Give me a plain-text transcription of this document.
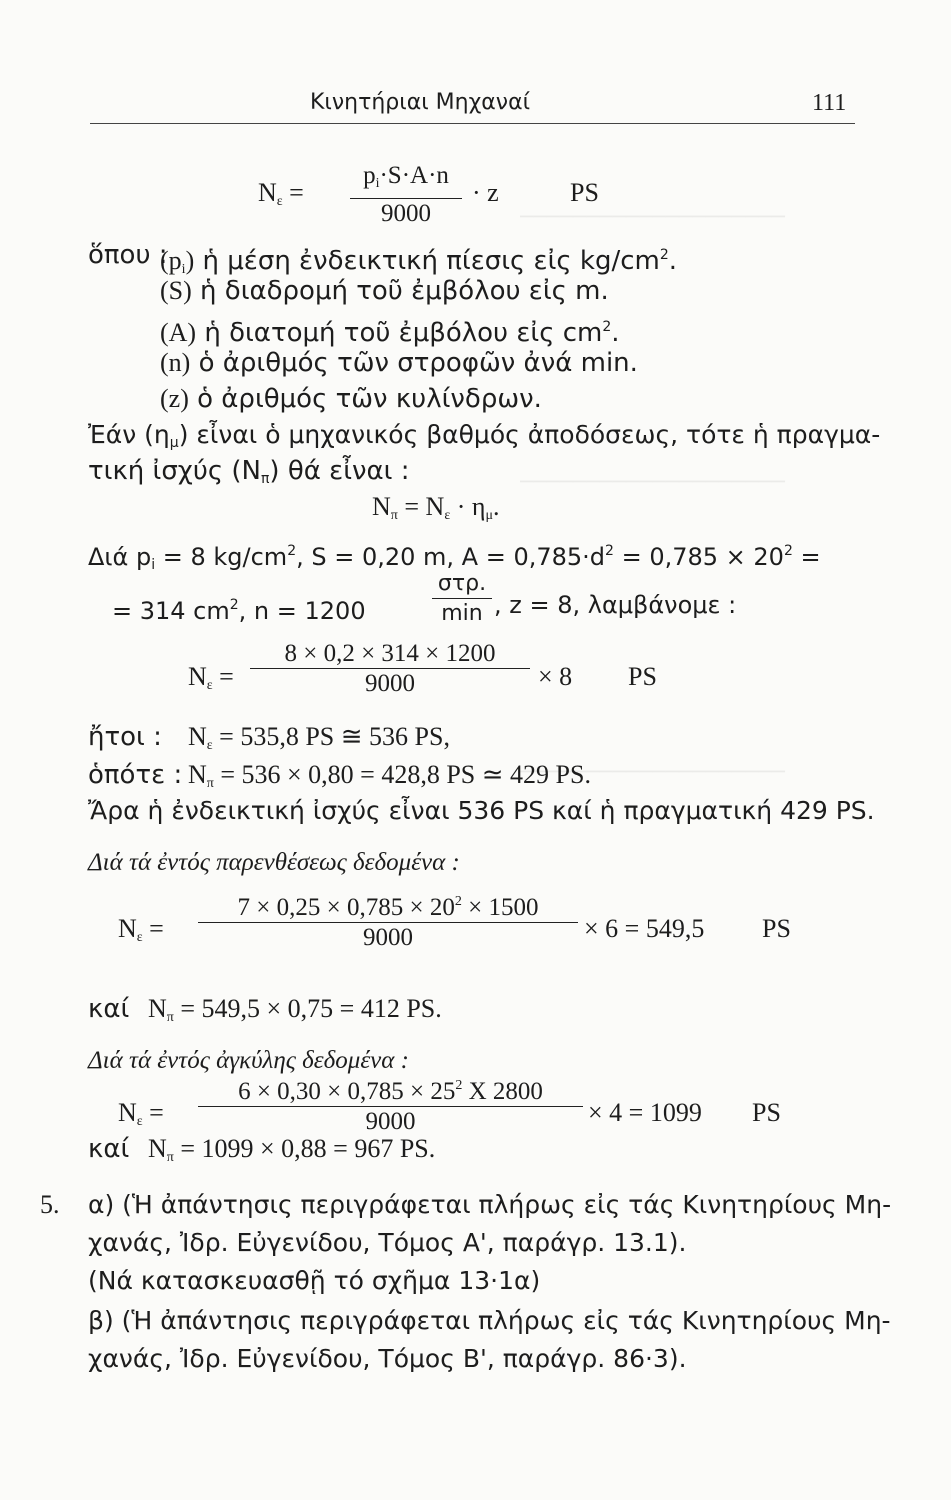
────────────────────
────────────────────
────────────────────
Κινητήριαι Μηχαναί	111
$N_\varepsilon$ =
$p_i\cdot S\cdot A\cdot n$
9000
· z	PS
ὅπου :
$(p_i)$ ἡ μέση ἐνδεικτική πίεσις εἰς $kg/cm^2$.
(S) ἡ διαδρομή τοῦ ἐμβόλου εἰς m.
(A) ἡ διατομή τοῦ ἐμβόλου εἰς $cm^2$.
(n) ὁ ἀριθμός τῶν στροφῶν ἀνά min.
(z) ὁ ἀριθμός τῶν κυλίνδρων.
Ἐάν $(\eta_\mu)$ εἶναι ὁ μηχανικός βαθμός ἀποδόσεως, τότε ἡ πραγμα-
τική ἰσχύς $(N_\pi)$ θά εἶναι :
$N_\pi = N_\varepsilon \cdot \eta_\mu$.
Διά $p_i = 8$ $kg/cm^2$, S = 0,20 m, $A = 0,785\cdot d^2 = 0,785 \times 20^2$ =
= 314 $cm^2$, n = 1200
στρ.
min , z = 8, λαμβάνομε :
$N_\varepsilon$ =
8 × 0,2 × 314 × 1200
9000	× 8 PS
ἤτοι : $N_\varepsilon = 535,8$ PS ≅ 536 PS,
ὁπότε : $N_\pi = 536 \times 0,80 = 428,8$ PS ≃ 429 PS.
Ἄρα ἡ ἐνδεικτική ἰσχύς εἶναι 536 PS καί ἡ πραγματική 429 PS.
Διά τά ἐντός παρενθέσεως δεδομένα :
$N_\varepsilon$ =
$7 \times 0,25 \times 0,785 \times 20^2 \times 1500$
9000	× 6 = 549,5 PS
καί $N_\pi = 549,5 \times 0,75 = 412$ PS.
Διά τά ἐντός ἀγκύλης δεδομένα :
$N_\varepsilon$ =
$6 \times 0,30 \times 0,785 \times 25^2$ X 2800
9000	× 4 = 1099 PS
καί $N_\pi = 1099 \times 0,88 = 967$ PS.
5. α) (Ἡ ἀπάντησις περιγράφεται πλήρως εἰς τάς Κινητηρίους Μη-
χανάς, Ἰδρ. Εὐγενίδου, Τόμος Α', παράγρ. 13.1).
(Νά κατασκευασθῇ τό σχῆμα 13·1α)
β) (Ἡ ἀπάντησις περιγράφεται πλήρως εἰς τάς Κινητηρίους Μη-
χανάς, Ἰδρ. Εὐγενίδου, Τόμος Β', παράγρ. 86·3).
